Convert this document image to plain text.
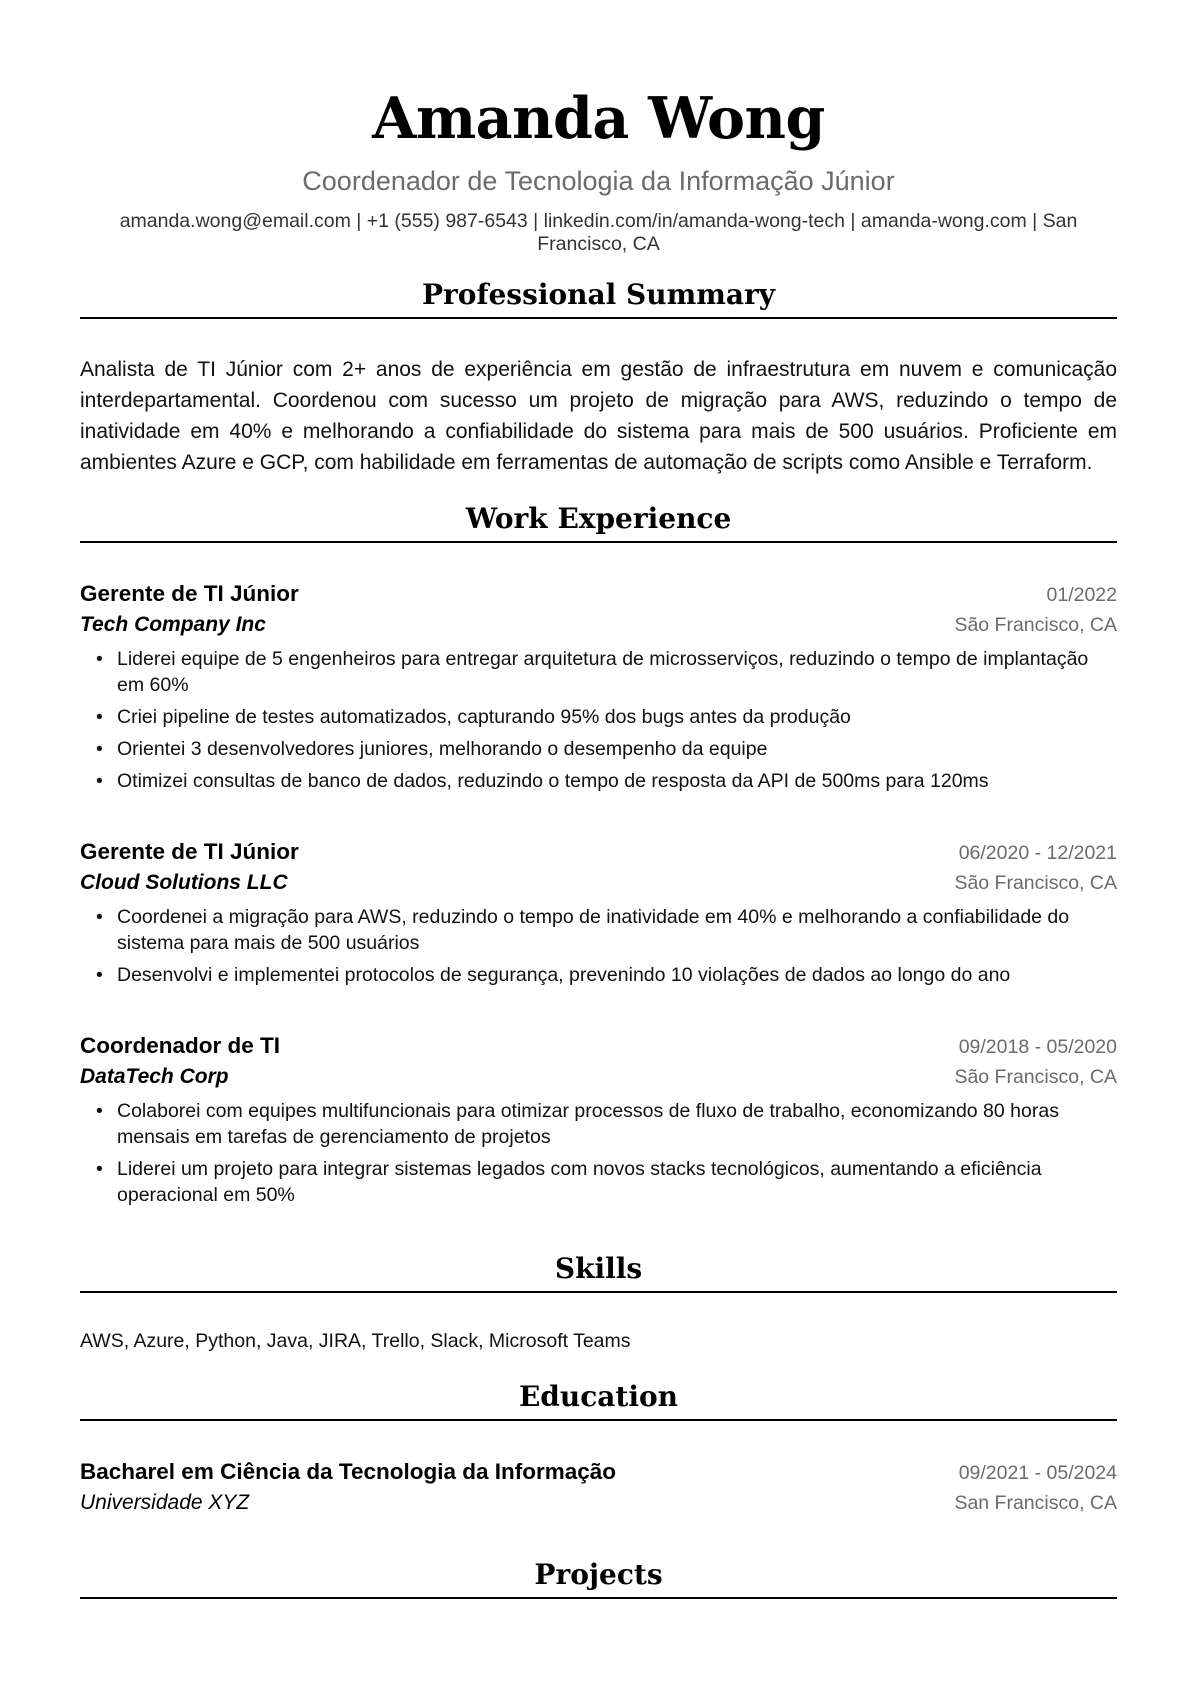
Amanda Wong
Coordenador de Tecnologia da Informação Júnior
amanda.wong@email.com | +1 (555) 987-6543 | linkedin.com/in/amanda-wong-tech | amanda-wong.com | San Francisco, CA
Professional Summary
Analista de TI Júnior com 2+ anos de experiência em gestão de infraestrutura em nuvem e comunicação interdepartamental. Coordenou com sucesso um projeto de migração para AWS, reduzindo o tempo de inatividade em 40% e melhorando a confiabilidade do sistema para mais de 500 usuários. Proficiente em ambientes Azure e GCP, com habilidade em ferramentas de automação de scripts como Ansible e Terraform.
Work Experience
Gerente de TI Júnior	01/2022
Tech Company Inc	São Francisco, CA
• Liderei equipe de 5 engenheiros para entregar arquitetura de microsserviços, reduzindo o tempo de implantação em 60%
• Criei pipeline de testes automatizados, capturando 95% dos bugs antes da produção
• Orientei 3 desenvolvedores juniores, melhorando o desempenho da equipe
• Otimizei consultas de banco de dados, reduzindo o tempo de resposta da API de 500ms para 120ms
Gerente de TI Júnior	06/2020 - 12/2021
Cloud Solutions LLC	São Francisco, CA
• Coordenei a migração para AWS, reduzindo o tempo de inatividade em 40% e melhorando a confiabilidade do sistema para mais de 500 usuários
• Desenvolvi e implementei protocolos de segurança, prevenindo 10 violações de dados ao longo do ano
Coordenador de TI	09/2018 - 05/2020
DataTech Corp	São Francisco, CA
• Colaborei com equipes multifuncionais para otimizar processos de fluxo de trabalho, economizando 80 horas mensais em tarefas de gerenciamento de projetos
• Liderei um projeto para integrar sistemas legados com novos stacks tecnológicos, aumentando a eficiência operacional em 50%
Skills
AWS, Azure, Python, Java, JIRA, Trello, Slack, Microsoft Teams
Education
Bacharel em Ciência da Tecnologia da Informação	09/2021 - 05/2024
Universidade XYZ	San Francisco, CA
Projects
